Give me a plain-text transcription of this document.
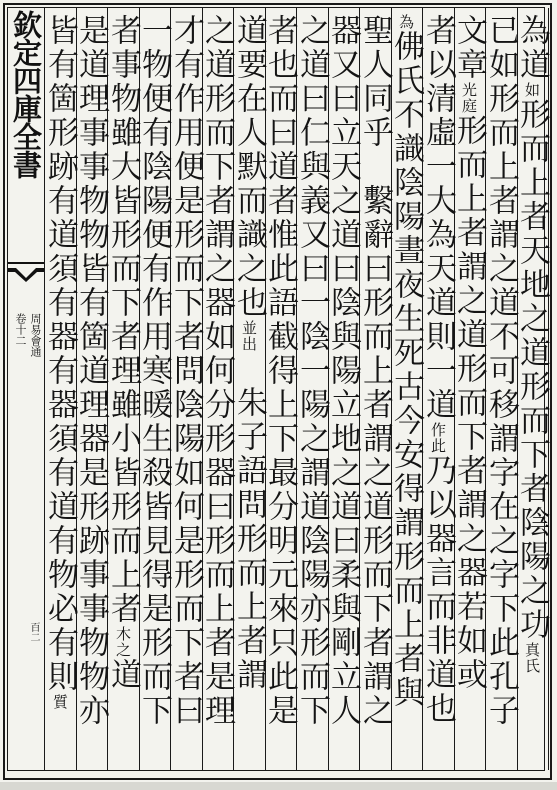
欽定四庫全書
卷十二 周易會通
百二
為道如形而上者天地之道形而下者陰陽之功真氏
已如形而上者謂之道不可移謂字在之字下此孔子
文章光庭形而上者謂之道形而下者謂之器若如或
者以清虛一大為天道則一道作此乃以器言而非道也
為佛氏不識陰陽晝夜生死古今安得謂形而上者與
聖人同乎　繫辭曰形而上者謂之道形而下者謂之
器又曰立天之道曰陰與陽立地之道曰柔與剛立人
之道曰仁與義又曰一陰一陽之謂道陰陽亦形而下
者也而曰道者惟此語截得上下最分明元來只此是
道要在人默而識之也並出　朱子語問形而上者謂
之道形而下者謂之器如何分形器曰形而上者是理
才有作用便是形而下者問陰陽如何是形而下者曰
一物便有陰陽便有作用寒暖生殺皆見得是形而下
者事物雖大皆形而下者理雖小皆形而上者木之道
是道理事事物物皆有箇道理器是形跡事事物物亦
皆有箇形跡有道須有器有器須有道有物必有則質
